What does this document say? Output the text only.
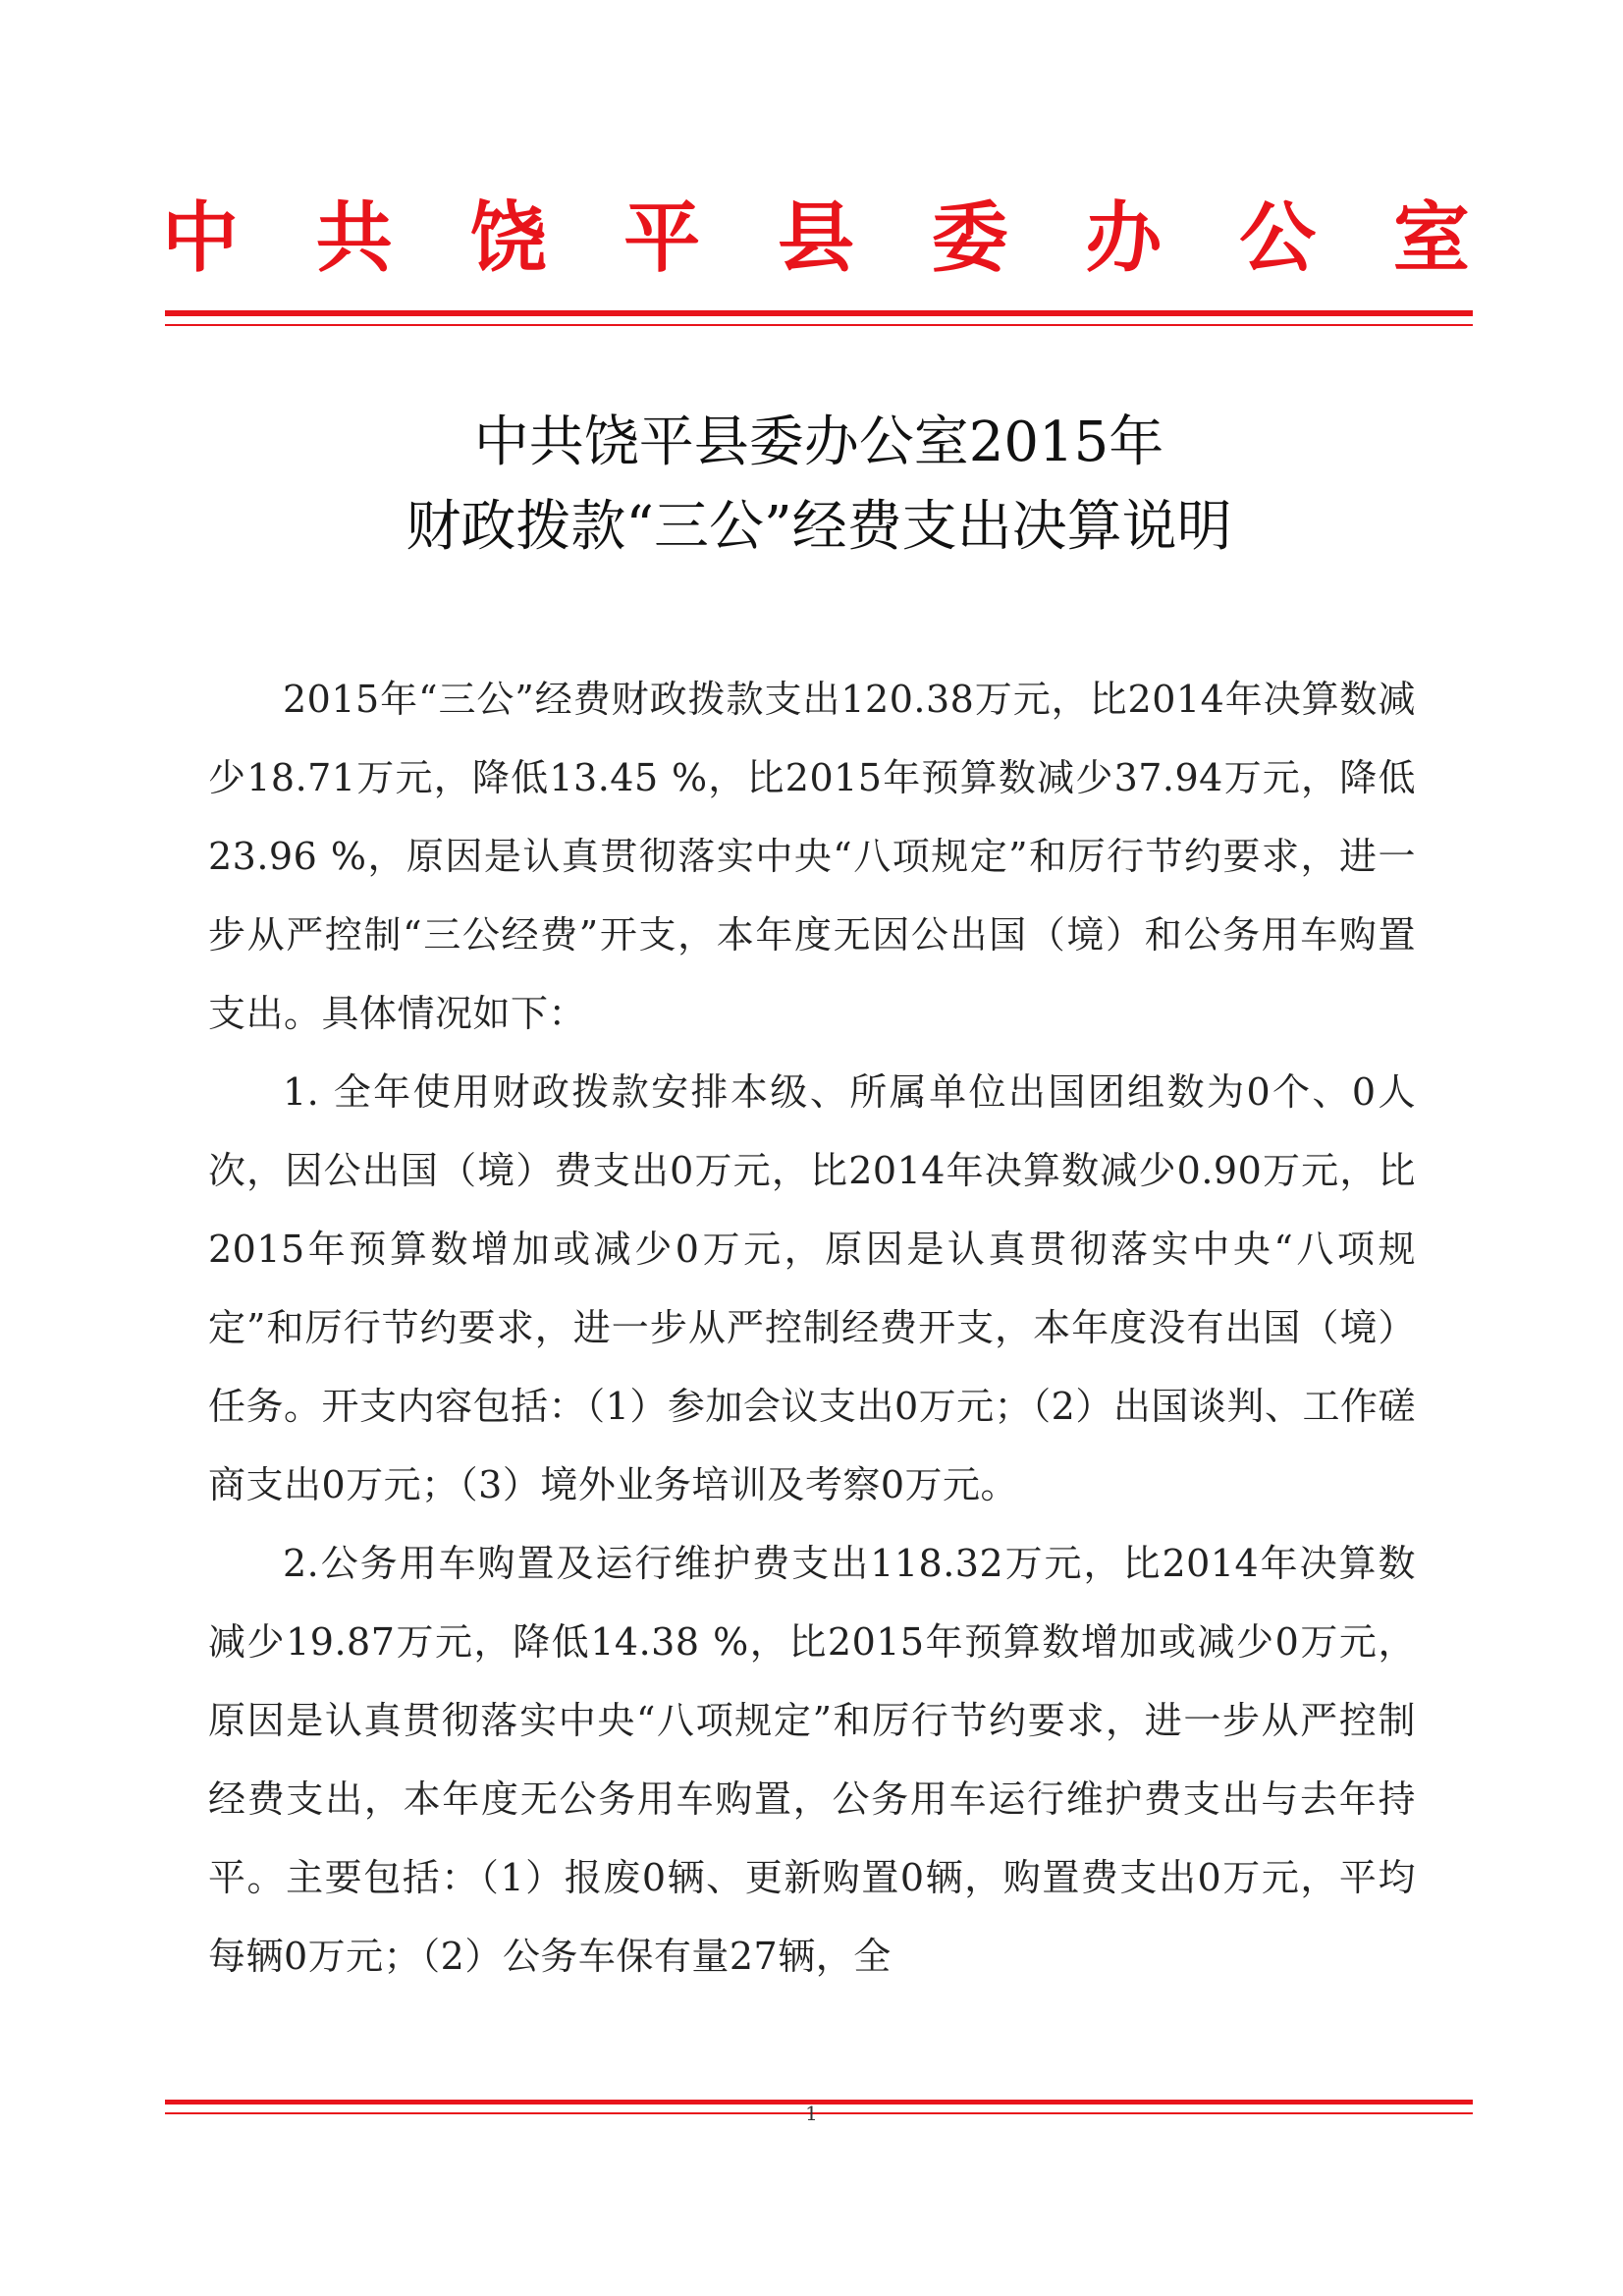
中 共 饶 平 县 委 办 公 室
中共饶平县委办公室2015年
财政拨款“三公”经费支出决算说明

2015年“三公”经费财政拨款支出120.38万元，比2014年决算数减少18.71万元，降低13.45 %，比2015年预算数减少37.94万元，降低23.96 %，原因是认真贯彻落实中央“八项规定”和厉行节约要求，进一步从严控制“三公经费”开支，本年度无因公出国（境）和公务用车购置支出。具体情况如下：

1. 全年使用财政拨款安排本级、所属单位出国团组数为0个、0人次，因公出国（境）费支出0万元，比2014年决算数减少0.90万元，比2015年预算数增加或减少0万元，原因是认真贯彻落实中央“八项规定”和厉行节约要求，进一步从严控制经费开支，本年度没有出国（境）任务。开支内容包括：（1）参加会议支出0万元；（2）出国谈判、工作磋商支出0万元；（3）境外业务培训及考察0万元。

2.公务用车购置及运行维护费支出118.32万元，比2014年决算数减少19.87万元，降低14.38 %，比2015年预算数增加或减少0万元，原因是认真贯彻落实中央“八项规定”和厉行节约要求，进一步从严控制经费支出，本年度无公务用车购置，公务用车运行维护费支出与去年持平。主要包括：（1）报废0辆、更新购置0辆，购置费支出0万元，平均每辆0万元；（2）公务车保有量27辆，全

1
